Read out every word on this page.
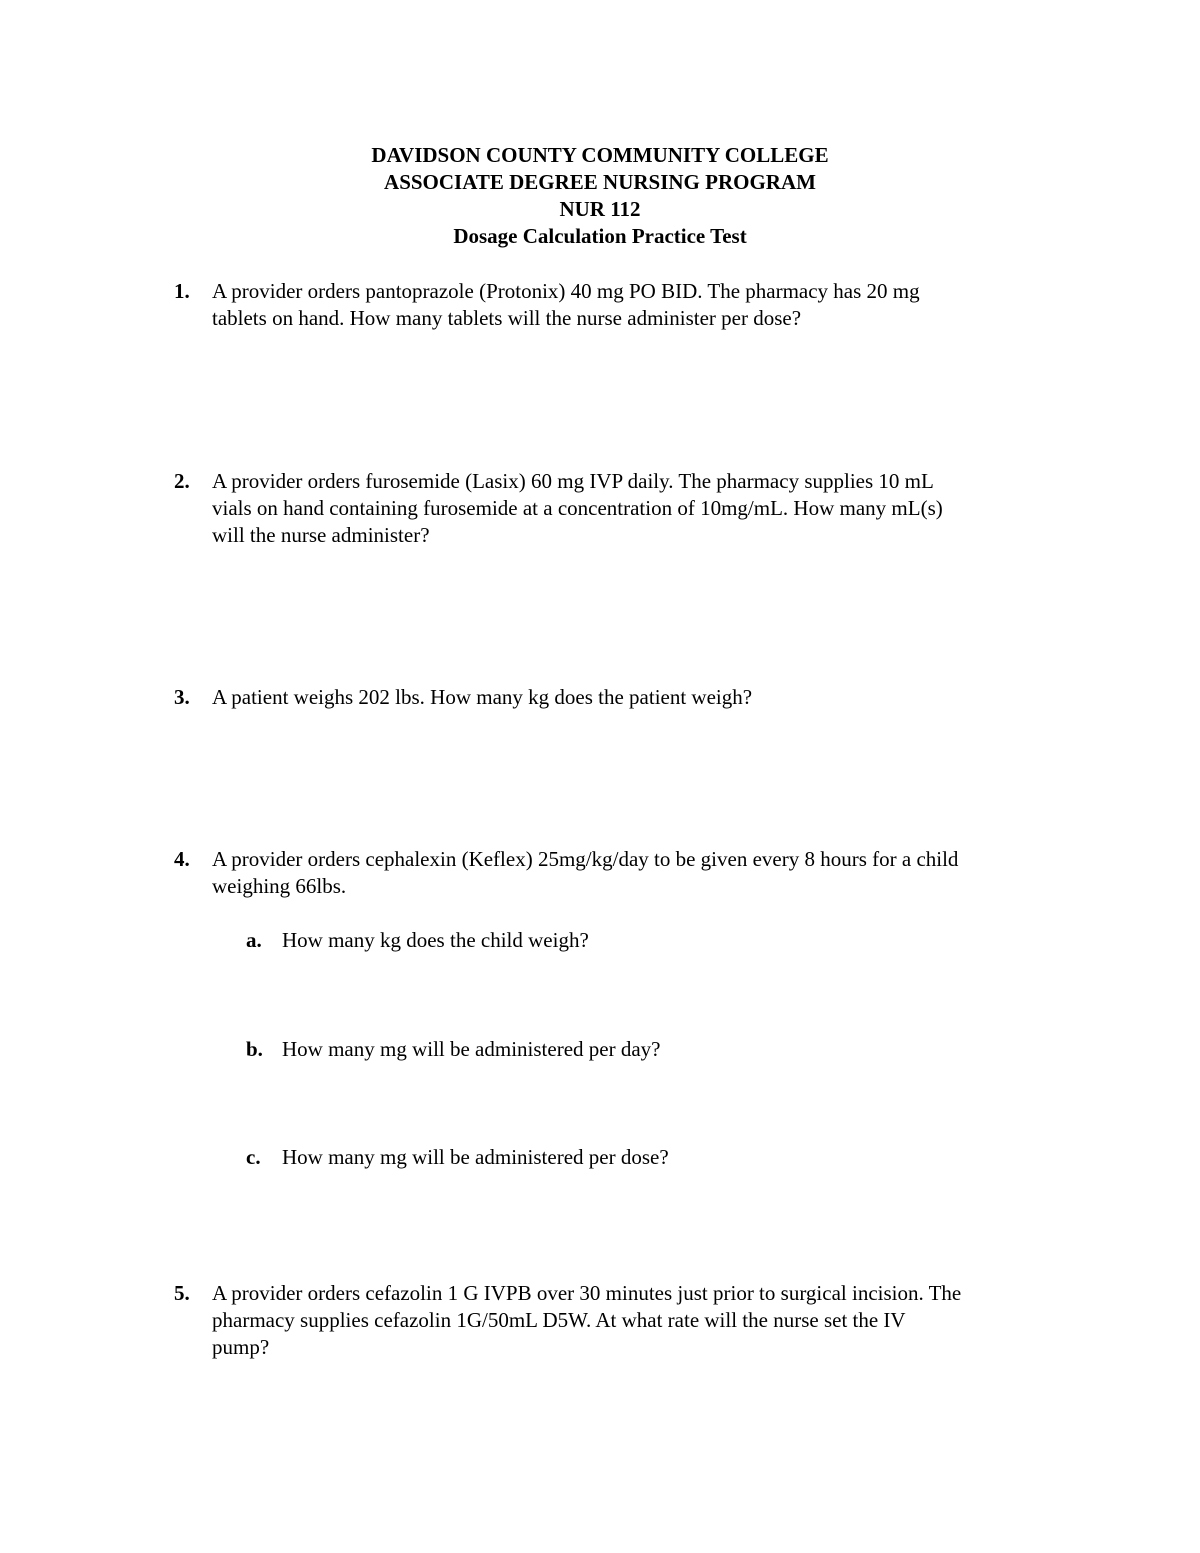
DAVIDSON COUNTY COMMUNITY COLLEGE
ASSOCIATE DEGREE NURSING PROGRAM
NUR 112
Dosage Calculation Practice Test
1. A provider orders pantoprazole (Protonix) 40 mg PO BID. The pharmacy has 20 mg
tablets on hand. How many tablets will the nurse administer per dose?
2. A provider orders furosemide (Lasix) 60 mg IVP daily. The pharmacy supplies 10 mL
vials on hand containing furosemide at a concentration of 10mg/mL. How many mL(s)
will the nurse administer?
3. A patient weighs 202 lbs. How many kg does the patient weigh?
4. A provider orders cephalexin (Keflex) 25mg/kg/day to be given every 8 hours for a child
weighing 66lbs.
a. How many kg does the child weigh?
b. How many mg will be administered per day?
c. How many mg will be administered per dose?
5. A provider orders cefazolin 1 G IVPB over 30 minutes just prior to surgical incision. The
pharmacy supplies cefazolin 1G/50mL D5W. At what rate will the nurse set the IV
pump?
